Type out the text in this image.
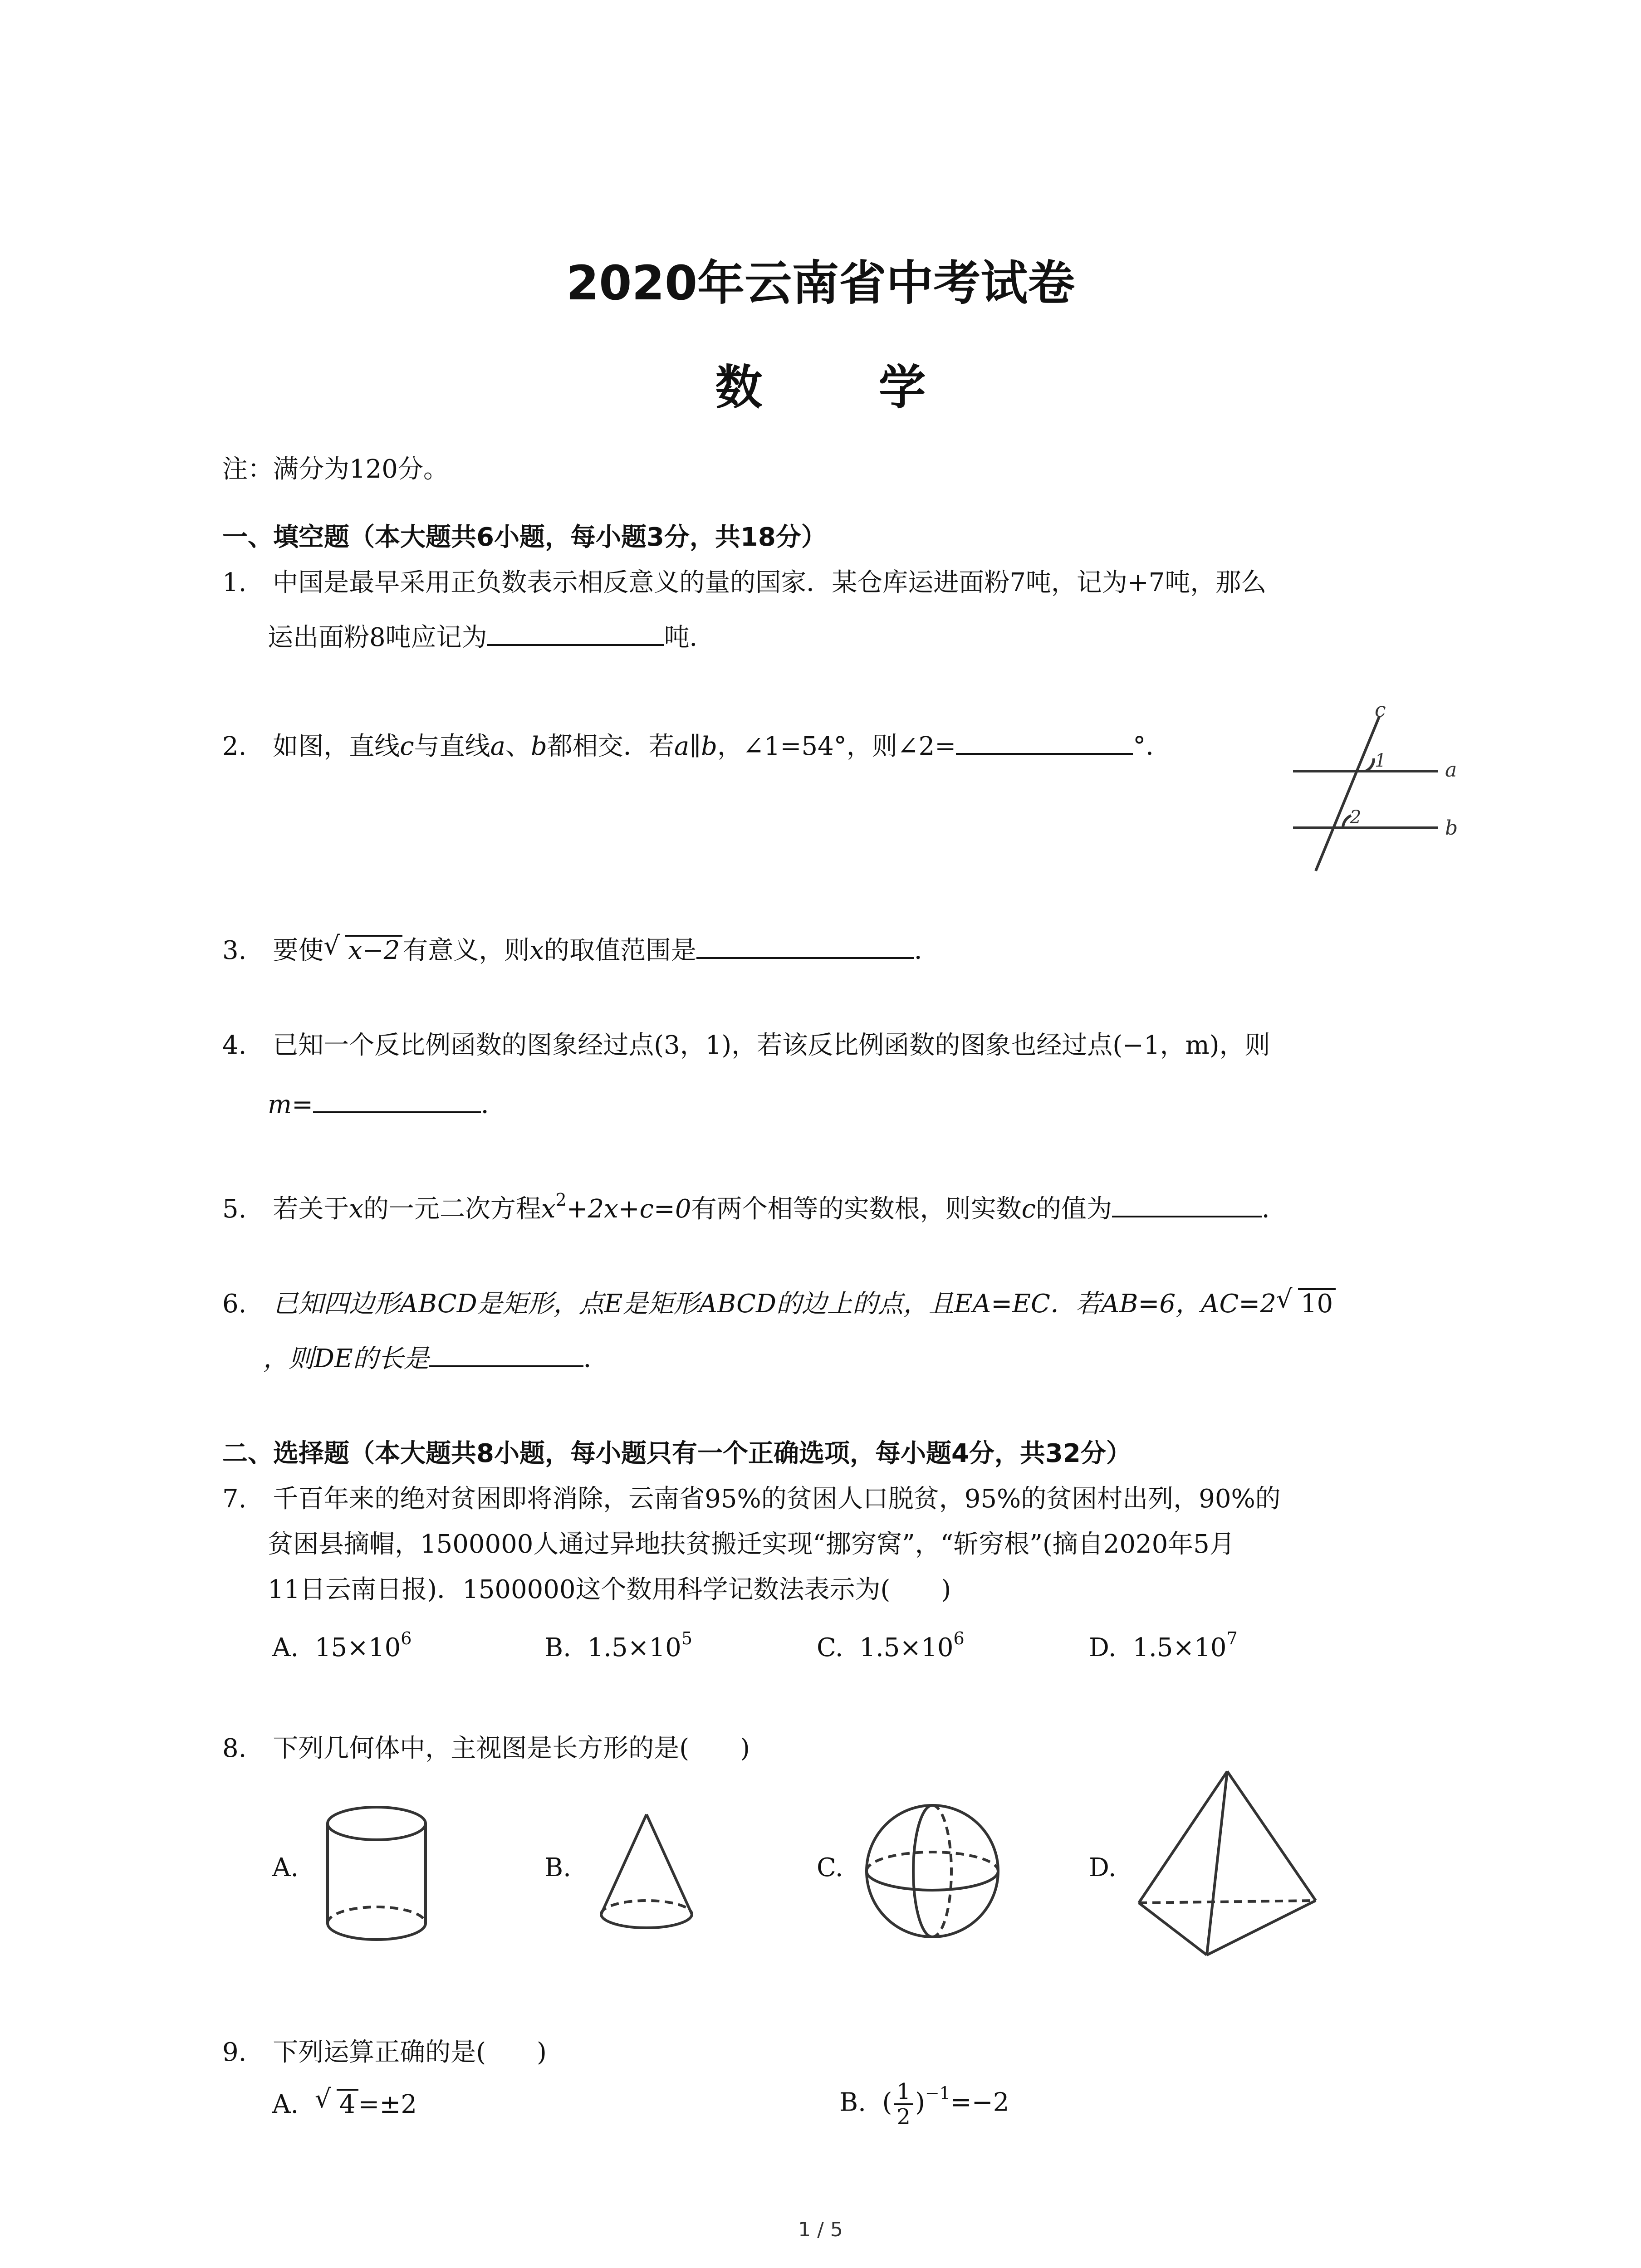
2020年云南省中考试卷
数 学
注：满分为120分。
一、填空题（本大题共6小题，每小题3分，共18分）
1. 中国是最早采用正负数表示相反意义的量的国家．某仓库运进面粉7吨，记为+7吨，那么
运出面粉8吨应记为	吨．
2. 如图，直线c与直线a、b都相交．若a∥b，∠1=54°，则∠2=	°．
c
a
b
1
2
3. 要使 √ x−2 有意义，则x的取值范围是	．
4. 已知一个反比例函数的图象经过点(3，1)，若该反比例函数的图象也经过点(−1，m)，则
m=	．
5. 若关于x的一元二次方程$x^2+2x+c=0$有两个相等的实数根，则实数c的值为	．
6. 已知四边形ABCD是矩形，点E是矩形ABCD的边上的点，且EA=EC．若AB=6，AC=2 √ 10
，则DE的长是	．
二、选择题（本大题共8小题，每小题只有一个正确选项，每小题4分，共32分）
7. 千百年来的绝对贫困即将消除，云南省95%的贫困人口脱贫，95%的贫困村出列，90%的
贫困县摘帽，1500000人通过异地扶贫搬迁实现“挪穷窝”，“斩穷根”(摘自2020年5月
11日云南日报)．1500000这个数用科学记数法表示为(　　)
A. $15\times 10^6$	B. $1.5\times 10^5$	C. $1.5\times 10^6$	D. $1.5\times 10^7$
8. 下列几何体中，主视图是长方形的是(　　)
A.	B.	C.	D.
9. 下列运算正确的是(　　)
A. √ 4 =±2	B.  ( $\frac{1}{2} )^{-1}=-2$
1 / 5
